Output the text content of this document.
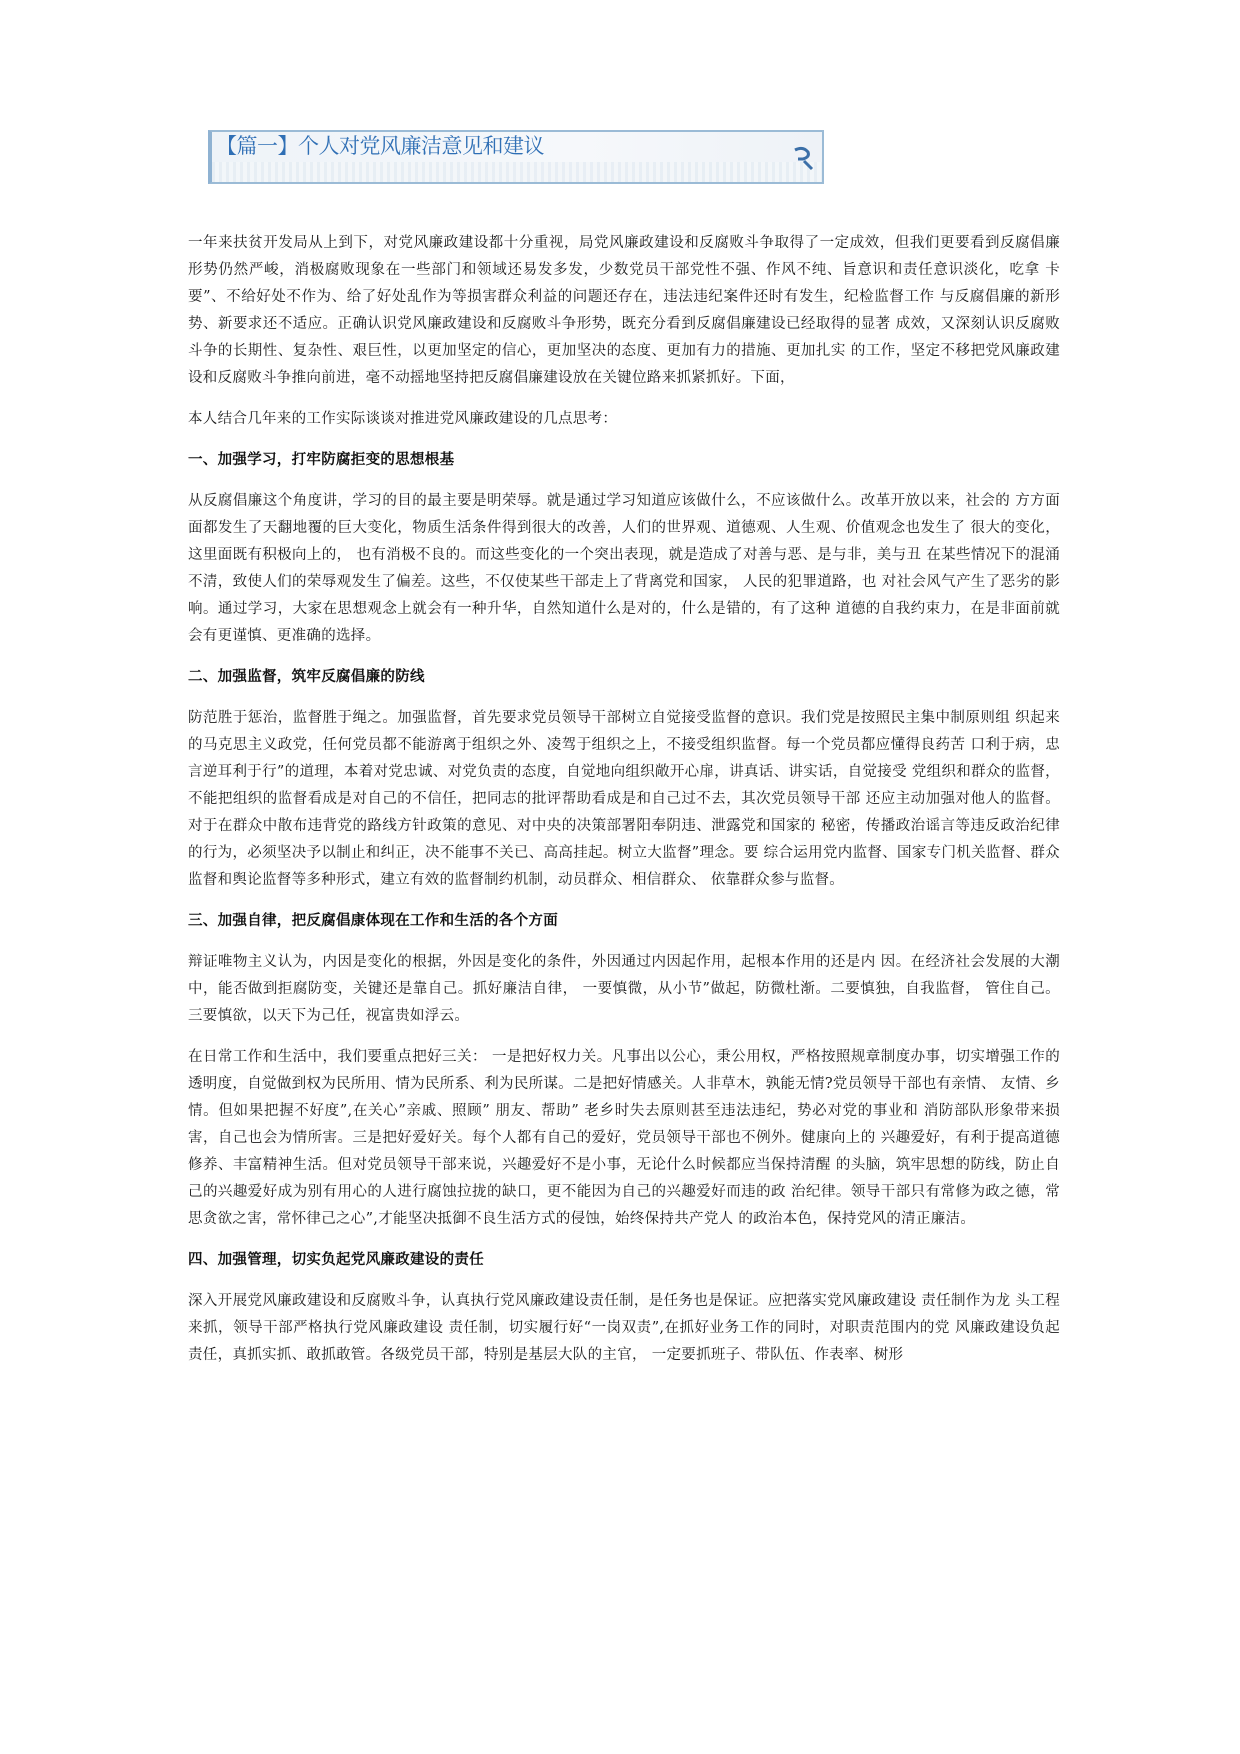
【篇一】个人对党风廉洁意见和建议

一年来扶贫开发局从上到下，对党风廉政建设都十分重视，局党风廉政建设和反腐败斗争取得了一定成效，但我们更要看到反腐倡廉形势仍然严峻，消极腐败现象在一些部门和领域还易发多发，少数党员干部党性不强、作风不纯、旨意识和责任意识淡化，吃拿 卡要”、不给好处不作为、给了好处乱作为等损害群众利益的问题还存在，违法违纪案件还时有发生，纪检监督工作 与反腐倡廉的新形势、新要求还不适应。正确认识党风廉政建设和反腐败斗争形势，既充分看到反腐倡廉建设已经取得的显著 成效，又深刻认识反腐败斗争的长期性、复杂性、艰巨性，以更加坚定的信心，更加坚决的态度、更加有力的措施、更加扎实 的工作，坚定不移把党风廉政建设和反腐败斗争推向前进，毫不动摇地坚持把反腐倡廉建设放在关键位路来抓紧抓好。下面，

本人结合几年来的工作实际谈谈对推进党风廉政建设的几点思考：

一、加强学习，打牢防腐拒变的思想根基

从反腐倡廉这个角度讲，学习的目的最主要是明荣辱。就是通过学习知道应该做什么，不应该做什么。改革开放以来，社会的 方方面面都发生了天翻地覆的巨大变化，物质生活条件得到很大的改善，人们的世界观、道德观、人生观、价值观念也发生了 很大的变化，这里面既有积极向上的， 也有消极不良的。而这些变化的一个突出表现，就是造成了对善与恶、是与非，美与丑 在某些情况下的混涌不清，致使人们的荣辱观发生了偏差。这些，不仅使某些干部走上了背离党和国家， 人民的犯罪道路，也 对社会风气产生了恶劣的影响。通过学习，大家在思想观念上就会有一种升华，自然知道什么是对的，什么是错的，有了这种 道德的自我约束力，在是非面前就会有更谨慎、更准确的选择。

二、加强监督，筑牢反腐倡廉的防线

防范胜于惩治，监督胜于绳之。加强监督，首先要求党员领导干部树立自觉接受监督的意识。我们党是按照民主集中制原则组 织起来的马克思主义政党，任何党员都不能游离于组织之外、凌驾于组织之上，不接受组织监督。每一个党员都应懂得良药苦 口利于病，忠言逆耳利于行”的道理，本着对党忠诚、对党负责的态度，自觉地向组织敞开心扉，讲真话、讲实话，自觉接受 党组织和群众的监督，不能把组织的监督看成是对自己的不信任，把同志的批评帮助看成是和自己过不去，其次党员领导干部 还应主动加强对他人的监督。对于在群众中散布违背党的路线方针政策的意见、对中央的决策部署阳奉阴违、泄露党和国家的 秘密，传播政治谣言等违反政治纪律的行为，必须坚决予以制止和纠正，决不能事不关已、高高挂起。树立大监督”理念。要 综合运用党内监督、国家专门机关监督、群众监督和舆论监督等多种形式，建立有效的监督制约机制，动员群众、相信群众、 依靠群众参与监督。

三、加强自律，把反腐倡康体现在工作和生活的各个方面

辩证唯物主义认为，内因是变化的根据，外因是变化的条件，外因通过内因起作用，起根本作用的还是内 因。在经济社会发展的大潮中，能否做到拒腐防变，关键还是靠自己。抓好廉洁自律， 一要慎微，从小节”做起，防微杜渐。二要慎独，自我监督， 管住自己。三要慎欲，以天下为己任，视富贵如浮云。

在日常工作和生活中，我们要重点把好三关： 一是把好权力关。凡事出以公心，秉公用权，严格按照规章制度办事，切实增强工作的透明度，自觉做到权为民所用、情为民所系、利为民所谋。二是把好情感关。人非草木，孰能无情?党员领导干部也有亲情、 友情、乡情。但如果把握不好度”,在关心”亲戚、照顾” 朋友、帮助” 老乡时失去原则甚至违法违纪，势必对党的事业和 消防部队形象带来损害，自己也会为情所害。三是把好爱好关。每个人都有自己的爱好，党员领导干部也不例外。健康向上的 兴趣爱好，有利于提高道德修养、丰富精神生活。但对党员领导干部来说，兴趣爱好不是小事，无论什么时候都应当保持清醒 的头脑，筑牢思想的防线，防止自己的兴趣爱好成为别有用心的人进行腐蚀拉拢的缺口，更不能因为自己的兴趣爱好而违的政 治纪律。领导干部只有常修为政之德，常思贪欲之害，常怀律己之心”,才能坚决抵御不良生活方式的侵蚀，始终保持共产党人 的政治本色，保持党风的清正廉洁。

四、加强管理，切实负起党风廉政建设的责任

深入开展党风廉政建设和反腐败斗争，认真执行党风廉政建设责任制，是任务也是保证。应把落实党风廉政建设 责任制作为龙 头工程来抓，领导干部严格执行党风廉政建设 责任制，切实履行好“一岗双责”,在抓好业务工作的同时，对职责范围内的党 风廉政建设负起责任，真抓实抓、敢抓敢管。各级党员干部，特别是基层大队的主官， 一定要抓班子、带队伍、作表率、树形
